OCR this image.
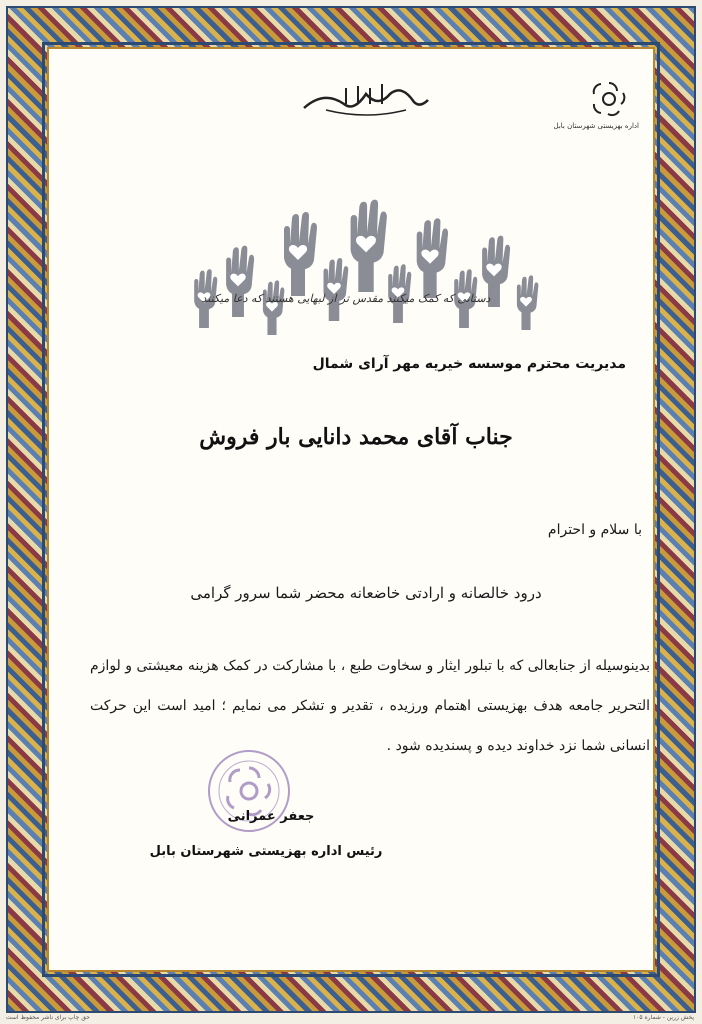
اداره بهزیستی شهرستان بابل
دستانی که کمک میکنند مقدس تر از لبهایی هستند که دعا میکنند
مدیریت محترم موسسه خیریه مهر آرای شمال
جناب آقای محمد دانایی بار فروش
با سلام و احترام
درود خالصانه و ارادتی خاضعانه محضر شما سرور گرامی
بدینوسیله از جنابعالی که با تبلور ایثار و سخاوت طبع ، با مشارکت در کمک هزینه معیشتی و لوازم التحریر جامعه هدف بهزیستی اهتمام ورزیده ، تقدیر و تشکر می نمایم ؛ امید است این حرکت انسانی شما نزد خداوند دیده و پسندیده شود .
جعفر عمرانی
رئیس اداره بهزیستی شهرستان بابل
حق چاپ برای ناشر محفوظ است	پخش زرین - شماره ۱۰۵
